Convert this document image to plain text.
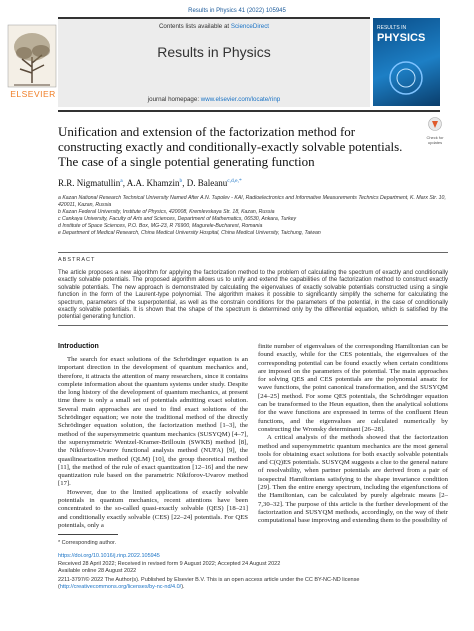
Results in Physics 41 (2022) 105945
Contents lists available at ScienceDirect
Results in Physics
journal homepage: www.elsevier.com/locate/rinp
ELSEVIER
RESULTS IN
PHYSICS
Check for updates
Unification and extension of the factorization method for constructing exactly and conditionally-exactly solvable potentials. The case of a single potential generating function
R.R. Nigmatullin$^a$, A.A. Khamzin$^b$, D. Baleanu$^{c,d,e,*}$
a Kazan National Research Technical University Named After A.N. Tupolev - KAI, Radioelectronics and Informative Measurements Technics Department, K. Marx Str. 10, 420011, Kazan, Russia
b Kazan Federal University, Institute of Physics, 420008, Kremlevskaya Str. 18, Kazan, Russia
c Cankaya University, Faculty of Arts and Sciences, Department of Mathematics, 06530, Ankara, Turkey
d Institute of Space Sciences, P.O. Box, MG-23, R 76900, Magurele-Bucharest, Romania
e Department of Medical Research, China Medical University Hospital, China Medical University, Taichung, Taiwan
ABSTRACT
The article proposes a new algorithm for applying the factorization method to the problem of calculating the spectrum of exactly and conditionally exactly solvable potentials. The proposed algorithm allows us to unify and extend the capabilities of the factorization method to construct exactly solvable potentials. The new approach is demonstrated by calculating the eigenvalues of exactly solvable potentials constructed using a single function in the form of the Laurent-type polynomial. The algorithm makes it possible to significantly simplify the scheme for calculating the spectrum, parameters of the superpotential, as well as the constrain conditions for the parameters of the potential, in the case of conditionally exactly solvable potentials. It is shown that the shape of the spectrum is determined only by the differential equation, which is satisfied by the potential generating function.
Introduction

The search for exact solutions of the Schrödinger equation is an important direction in the development of quantum mechanics and, therefore, it attracts the attention of many researchers, since it contains complete information about the quantum systems under study. Despite the long history of the development of quantum mechanics, at present time there is only a small set of potentials admitting exact solution. Several main approaches are used to find exact solutions of the Schrödinger equation; we note the traditional method of the directly Schrödinger equation solution, the factorization method [1–3], the method of the supersymmetric quantum mechanics (SUSYQM) [4–7], the supersymmetric Wentzel-Kramer-Brillouin (SWKB) method [8], the Nikiforov-Uvarov functional analysis method (NUFA) [9], the quasilinearization method (QLM) [10], the group theoretical method [11], the method of the rule of exact quantization [12–16] and the new quantization rule based on the parametric Nikiforov-Uvarov method [17].

However, due to the limited applications of exactly solvable potentials in quantum mechanics, recent attentions have been concentrated to the so-called quasi-exactly solvable (QES) [18–21] and conditionally exactly solvable (CES) [22–24] potentials. For QES potentials, only a

finite number of eigenvalues of the corresponding Hamiltonian can be found exactly, while for the CES potentials, the eigenvalues of the corresponding potential can be found exactly when certain conditions are imposed on the parameters of the potential. The main approaches for solving QES and CES potentials are the polynomial ansatz for wave functions, the point canonical transformation, and the SUSYQM [24–25] method. For some QES potentials, the Schrödinger equation can be transformed to the Heun equation, then the analytical solutions for the wave functions are expressed in terms of the confluent Heun functions, and the eigenvalues are calculated numerically by constructing the Wronsky determinant [26–28].

A critical analysis of the methods showed that the factorization method and supersymmetric quantum mechanics are the most general tools for obtaining exact solutions for both exactly solvable potentials and C(Q)ES potentials. SUSYQM suggests a clue to the general nature of resolvability, when partner potentials are derived from a pair of isospectral Hamiltonians satisfying to the shape invariance condition [29]. Then the entire energy spectrum, including the eigenfunctions of the Hamiltonian, can be calculated by purely algebraic means [2–7,30–32]. The purpose of this article is the further development of the factorization and SUSYQM methods, accordingly, on the way of their computational base improving and extending them to the possibility of

* Corresponding author.
https://doi.org/10.1016/j.rinp.2022.105945
Received 28 April 2022; Received in revised form 9 August 2022; Accepted 24 August 2022
Available online 28 August 2022
2211-3797/© 2022 The Author(s). Published by Elsevier B.V. This is an open access article under the CC BY-NC-ND license (http://creativecommons.org/licenses/by-nc-nd/4.0/).
